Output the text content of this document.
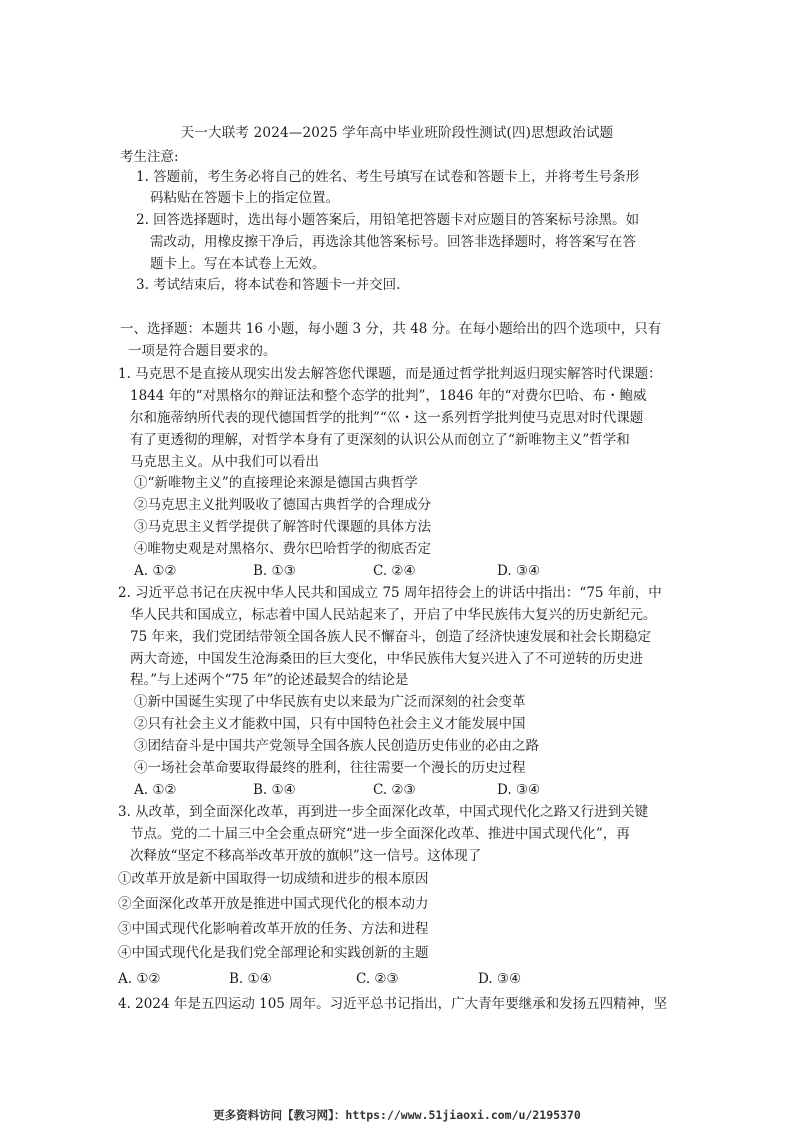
天一大联考 2024—2025 学年高中毕业班阶段性测试(四)思想政治试题
考生注意:
1. 答题前，考生务必将自己的姓名、考生号填写在试卷和答题卡上，并将考生号条形
码粘贴在答题卡上的指定位置。
2. 回答选择题时，选出每小题答案后，用铅笔把答题卡对应题目的答案标号涂黑。如
需改动，用橡皮擦干净后，再选涂其他答案标号。回答非选择题时，将答案写在答
题卡上。写在本试卷上无效。
3. 考试结束后，将本试卷和答题卡一并交回.
一、选择题：本题共 16 小题，每小题 3 分，共 48 分。在每小题给出的四个选项中，只有
一项是符合题目要求的。
1. 马克思不是直接从现实出发去解答您代课题，而是通过哲学批判返归现实解答时代课题：
1844 年的“对黑格尔的辩证法和整个态学的批判”，1846 年的“对费尔巴哈、布・鲍威
尔和施蒂纳所代表的现代德国哲学的批判”“巛・这一系列哲学批判使马克思对时代课题
有了更透彻的理解，对哲学本身有了更深刻的认识公从而创立了“新唯物主义”哲学和
马克思主义。从中我们可以看出
①“新唯物主义”的直接理论来源是德国古典哲学
②马克思主义批判吸收了德国古典哲学的合理成分
③马克思主义哲学提供了解答时代课题的具体方法
④唯物史观是对黑格尔、费尔巴哈哲学的彻底否定
A. ①②	B. ①③	C. ②④	D. ③④
2. 习近平总书记在庆祝中华人民共和国成立 75 周年招待会上的讲话中指出：“75 年前，中
华人民共和国成立，标志着中国人民站起来了，开启了中华民族伟大复兴的历史新纪元。
75 年来，我们党团结带领全国各族人民不懈奋斗，创造了经济快速发展和社会长期稳定
两大奇迹，中国发生沧海桑田的巨大变化，中华民族伟大复兴进入了不可逆转的历史进
程。”与上述两个“75 年”的论述最契合的结论是
①新中国诞生实现了中华民族有史以来最为广泛而深刻的社会变革
②只有社会主义才能救中国，只有中国特色社会主义才能发展中国
③团结奋斗是中国共产党领导全国各族人民创造历史伟业的必由之路
④一场社会革命要取得最终的胜利，往往需要一个漫长的历史过程
A. ①②	B. ①④	C. ②③	D. ③④
3. 从改革，到全面深化改革，再到进一步全面深化改革，中国式现代化之路又行进到关键
节点。党的二十届三中全会重点研究“进一步全面深化改革、推进中国式现代化”，再
次释放“坚定不移高举改革开放的旗帜”这一信号。这体现了
①改革开放是新中国取得一切成绩和进步的根本原因
②全面深化改革开放是推进中国式现代化的根本动力
③中国式现代化影响着改革开放的任务、方法和进程
④中国式现代化是我们党全部理论和实践创新的主题
A. ①②	B. ①④	C. ②③	D. ③④
4. 2024 年是五四运动 105 周年。习近平总书记指出，广大青年要继承和发扬五四精神，坚
更多资料访问【教习网】：https://www.51jiaoxi.com/u/2195370
